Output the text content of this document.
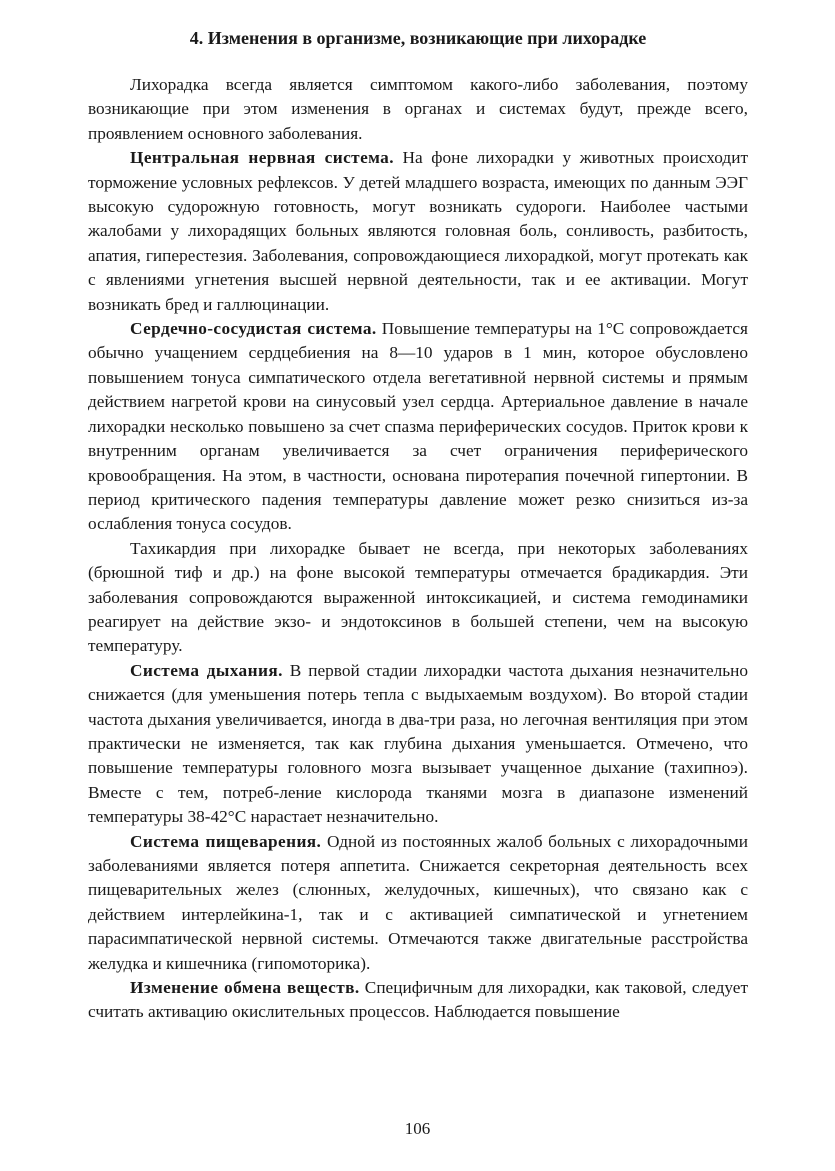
4. Изменения в организме, возникающие при лихорадке

Лихорадка всегда является симптомом какого-либо заболевания, поэтому возникающие при этом изменения в органах и системах будут, прежде всего, проявлением основного заболевания.

Центральная нервная система. На фоне лихорадки у животных происходит торможение условных рефлексов. У детей младшего возраста, имеющих по данным ЭЭГ высокую судорожную готовность, могут возникать судороги. Наиболее частыми жалобами у лихорадящих больных являются головная боль, сонливость, разбитость, апатия, гиперестезия. Заболевания, сопровождающиеся лихорадкой, могут протекать как с явлениями угнетения высшей нервной деятельности, так и ее активации. Могут возникать бред и галлюцинации.

Сердечно-сосудистая система. Повышение температуры на 1°С сопровождается обычно учащением сердцебиения на 8—10 ударов в 1 мин, которое обусловлено повышением тонуса симпатического отдела вегетативной нервной системы и прямым действием нагретой крови на синусовый узел сердца. Артериальное давление в начале лихорадки несколько повышено за счет спазма периферических сосудов. Приток крови к внутренним органам увеличивается за счет ограничения периферического кровообращения. На этом, в частности, основана пиротерапия почечной гипертонии. В период критического падения температуры давление может резко снизиться из-за ослабления тонуса сосудов.

Тахикардия при лихорадке бывает не всегда, при некоторых заболеваниях (брюшной тиф и др.) на фоне высокой температуры отмечается брадикардия. Эти заболевания сопровождаются выраженной интоксикацией, и система гемодинамики реагирует на действие экзо- и эндотоксинов в большей степени, чем на высокую температуру.

Система дыхания. В первой стадии лихорадки частота дыхания незначительно снижается (для уменьшения потерь тепла с выдыхаемым воздухом). Во второй стадии частота дыхания увеличивается, иногда в два-три раза, но легочная вентиляция при этом практически не изменяется, так как глубина дыхания уменьшается. Отмечено, что повышение температуры головного мозга вызывает учащенное дыхание (тахипноэ). Вместе с тем, потреб-ление кислорода тканями мозга в диапазоне изменений температуры 38-42°С нарастает незначительно.

Система пищеварения. Одной из постоянных жалоб больных с лихорадочными заболеваниями является потеря аппетита. Снижается секреторная деятельность всех пищеварительных желез (слюнных, желудочных, кишечных), что связано как с действием интерлейкина-1, так и с активацией симпатической и угнетением парасимпатической нервной системы. Отмечаются также двигательные расстройства желудка и кишечника (гипомоторика).

Изменение обмена веществ. Специфичным для лихорадки, как таковой, следует считать активацию окислительных процессов. Наблюдается повышение

106
